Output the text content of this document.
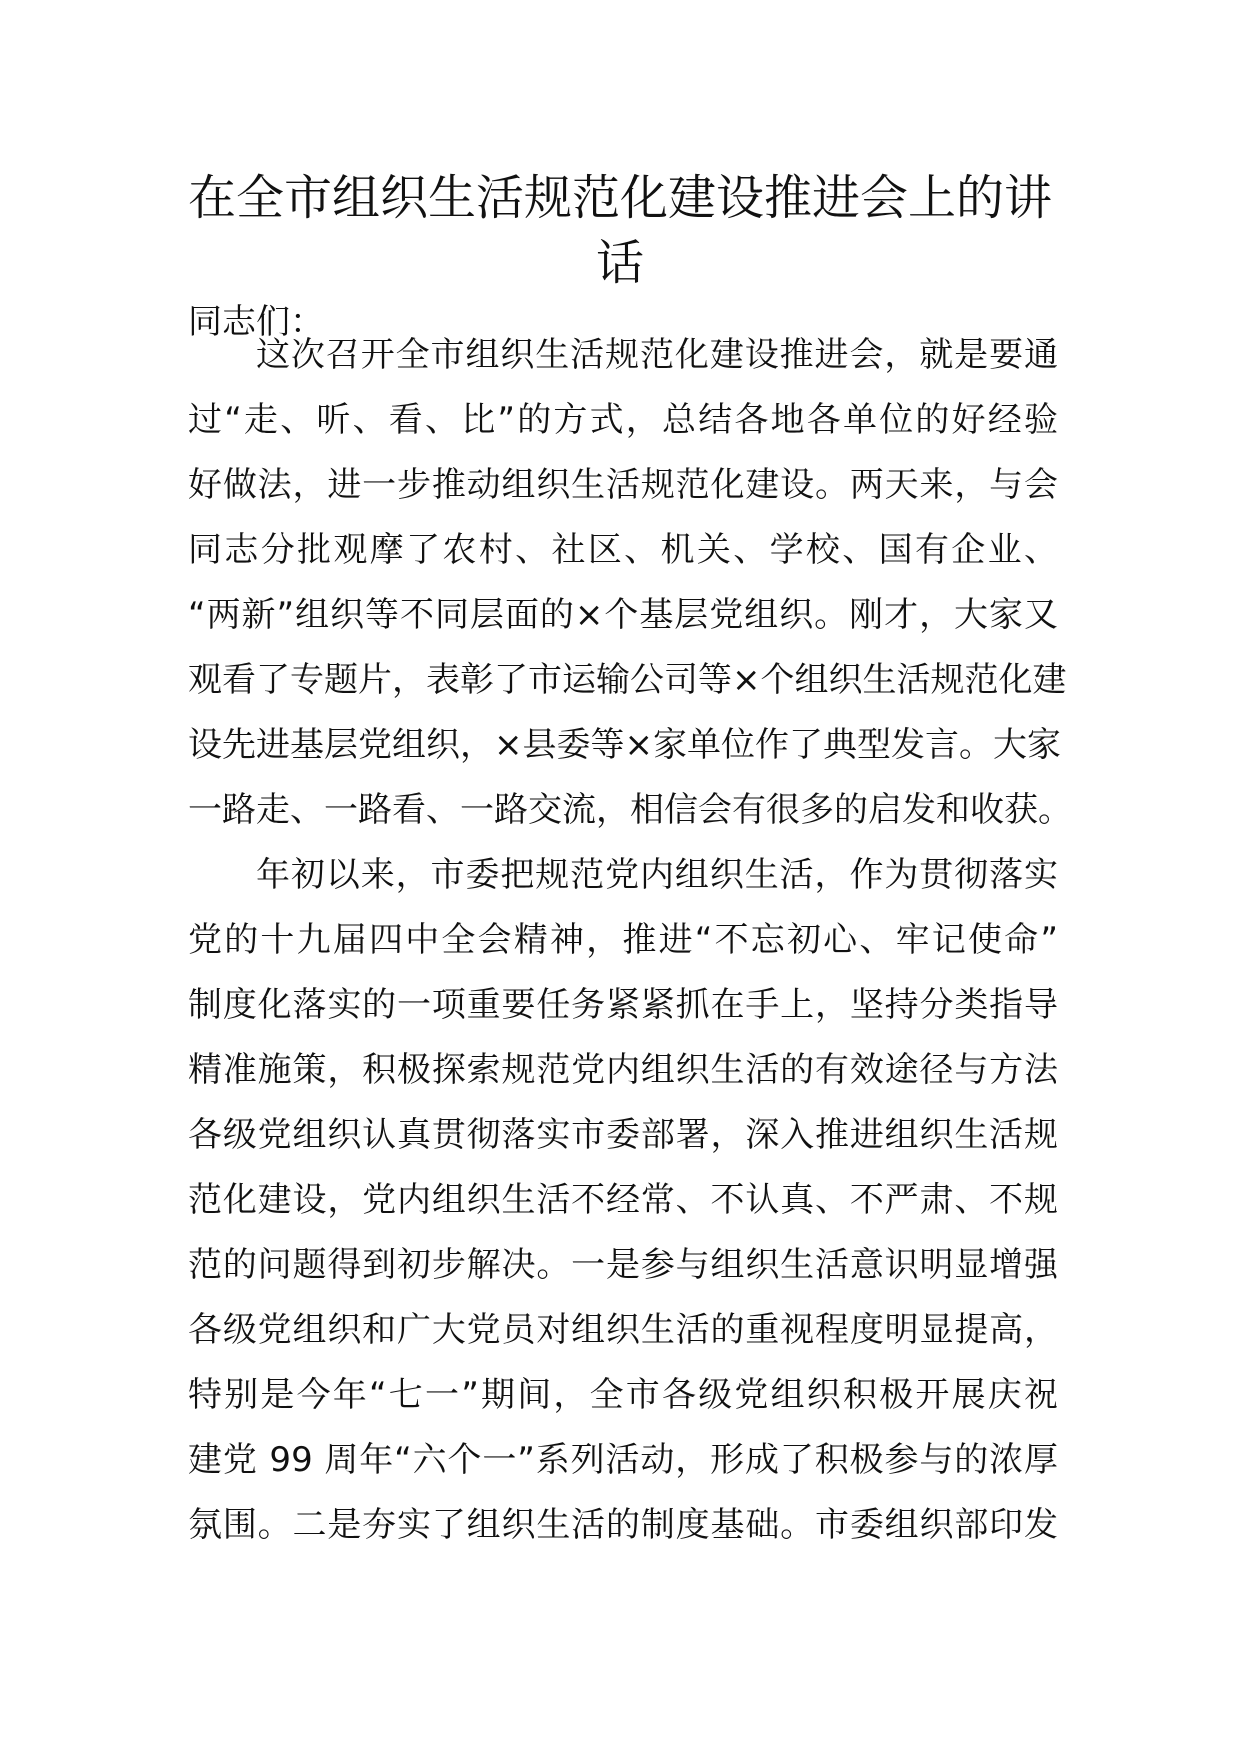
在全市组织生活规范化建设推进会上的讲
话

同志们：

这次召开全市组织生活规范化建设推进会，就是要通
过“走、听、看、比”的方式，总结各地各单位的好经验
好做法，进一步推动组织生活规范化建设。两天来，与会
同志分批观摩了农村、社区、机关、学校、国有企业、
“两新”组织等不同层面的×个基层党组织。刚才，大家又
观看了专题片，表彰了市运输公司等×个组织生活规范化建
设先进基层党组织，×县委等×家单位作了典型发言。大家
一路走、一路看、一路交流，相信会有很多的启发和收获。
年初以来，市委把规范党内组织生活，作为贯彻落实
党的十九届四中全会精神，推进“不忘初心、牢记使命”
制度化落实的一项重要任务紧紧抓在手上，坚持分类指导
精准施策，积极探索规范党内组织生活的有效途径与方法
各级党组织认真贯彻落实市委部署，深入推进组织生活规
范化建设，党内组织生活不经常、不认真、不严肃、不规
范的问题得到初步解决。一是参与组织生活意识明显增强
各级党组织和广大党员对组织生活的重视程度明显提高，
特别是今年“七一”期间，全市各级党组织积极开展庆祝
建党 99 周年“六个一”系列活动，形成了积极参与的浓厚
氛围。二是夯实了组织生活的制度基础。市委组织部印发
